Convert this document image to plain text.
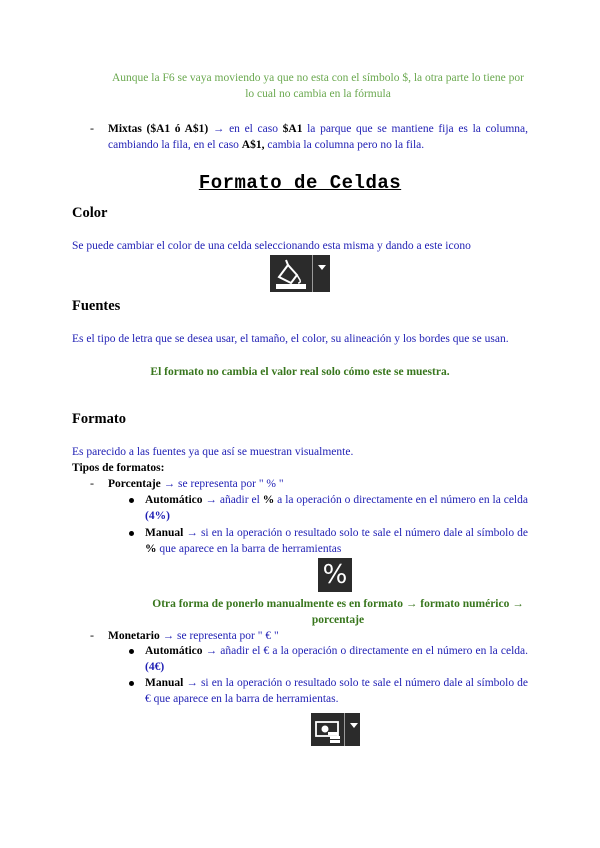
Aunque la F6 se vaya moviendo ya que no esta con el símbolo $, la otra parte lo tiene por lo cual no cambia en la fórmula
- Mixtas ($A1 ó A$1) → en el caso $A1 la parque que se mantiene fija es la columna, cambiando la fila, en el caso A$1, cambia la columna pero no la fila.
Formato de Celdas
Color
Se puede cambiar el color de una celda seleccionando esta misma y dando a este icono
Fuentes
Es el tipo de letra que se desea usar, el tamaño, el color, su alineación y los bordes que se usan.
El formato no cambia el valor real solo cómo este se muestra.
Formato
Es parecido a las fuentes ya que así se muestran visualmente.
Tipos de formatos:
- Porcentaje → se representa por " % "
Automático → añadir el % a la operación o directamente en el número en la celda (4%)
Manual → si en la operación o resultado solo te sale el número dale al símbolo de % que aparece en la barra de herramientas
%
Otra forma de ponerlo manualmente es en formato → formato numérico → porcentaje
- Monetario → se representa por " € "
Automático → añadir el € a la operación o directamente en el número en la celda. (4€)
Manual → si en la operación o resultado solo te sale el número dale al símbolo de € que aparece en la barra de herramientas.
